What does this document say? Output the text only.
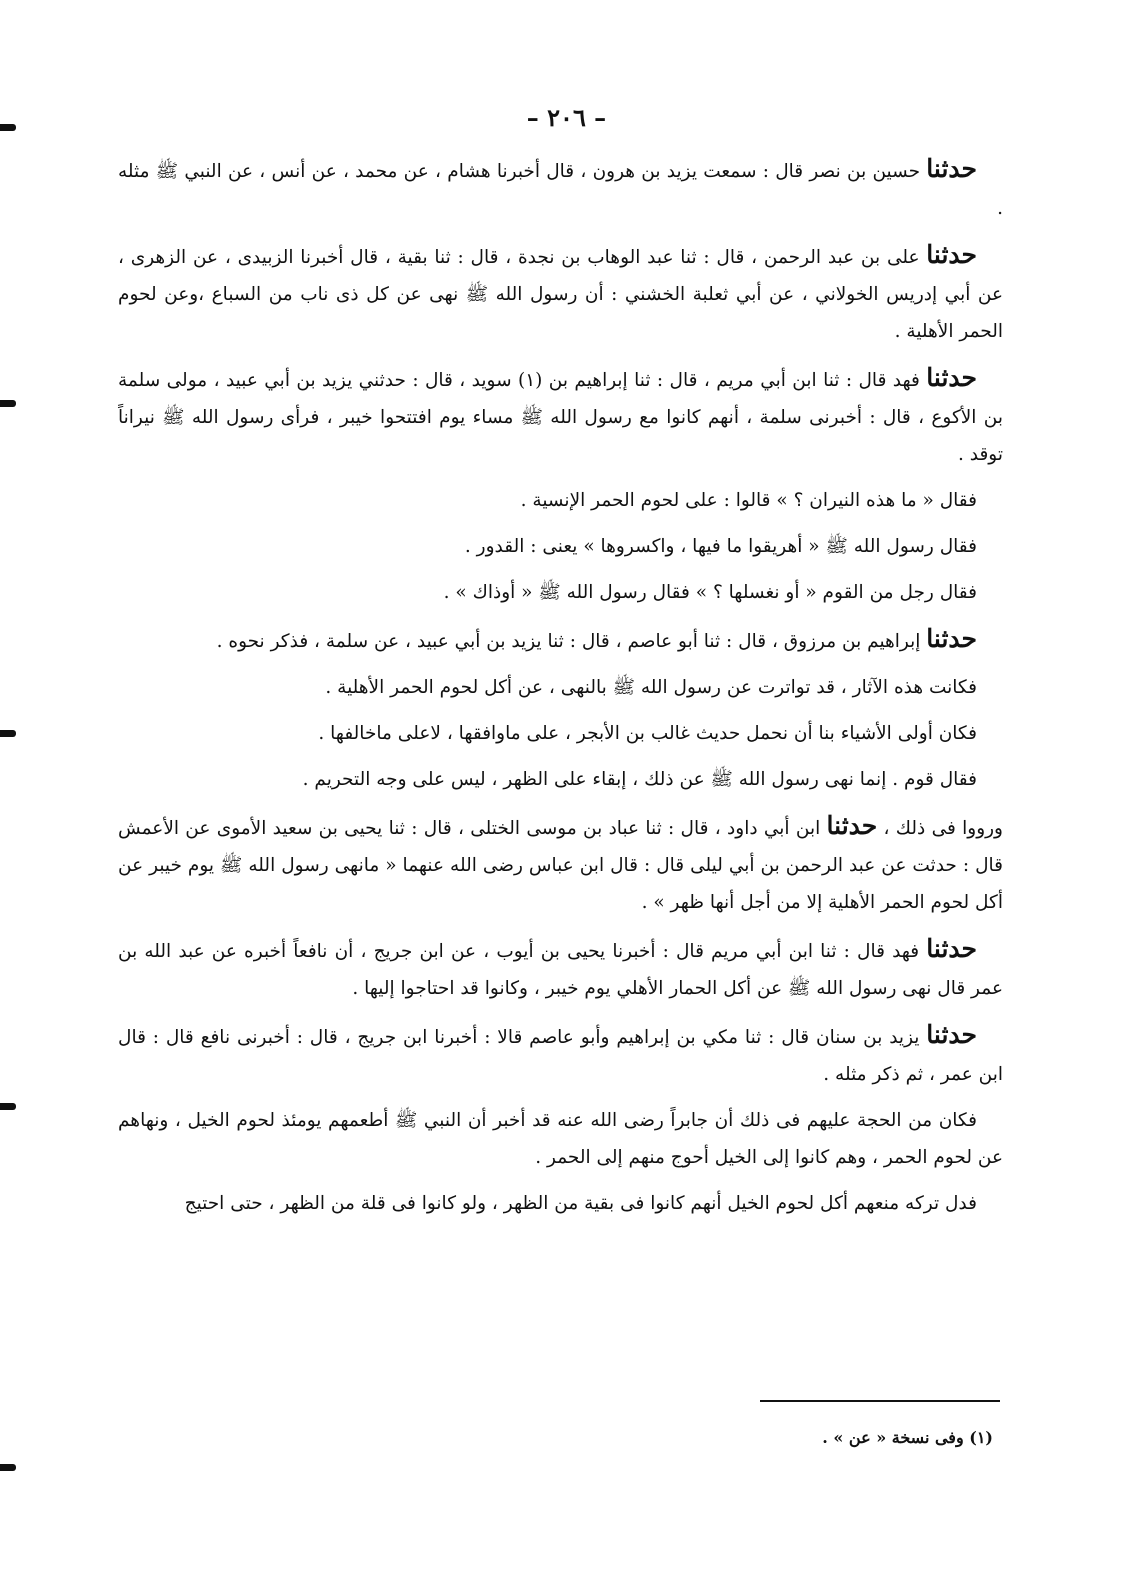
– ٢٠٦ –

حدثنا حسين بن نصر قال : سمعت يزيد بن هرون ، قال أخبرنا هشام ، عن محمد ، عن أنس ، عن النبي ﷺ مثله .

حدثنا على بن عبد الرحمن ، قال : ثنا عبد الوهاب بن نجدة ، قال : ثنا بقية ، قال أخبرنا الزبيدى ، عن الزهرى ، عن أبي إدريس الخولاني ، عن أبي ثعلبة الخشني : أن رسول الله ﷺ نهى عن كل ذى ناب من السباع ،وعن لحوم الحمر الأهلية .

حدثنا فهد قال : ثنا ابن أبي مريم ، قال : ثنا إبراهيم بن (١) سويد ، قال : حدثني يزيد بن أبي عبيد ، مولى سلمة بن الأكوع ، قال : أخبرنى سلمة ، أنهم كانوا مع رسول الله ﷺ مساء يوم افتتحوا خيبر ، فرأى رسول الله ﷺ نيراناً توقد .

فقال « ما هذه النيران ؟ » قالوا : على لحوم الحمر الإنسية .

فقال رسول الله ﷺ « أهريقوا ما فيها ، واكسروها » يعنى : القدور .

فقال رجل من القوم « أو نغسلها ؟ » فقال رسول الله ﷺ « أوذاك » .

حدثنا إبراهيم بن مرزوق ، قال : ثنا أبو عاصم ، قال : ثنا يزيد بن أبي عبيد ، عن سلمة ، فذكر نحوه .

فكانت هذه الآثار ، قد تواترت عن رسول الله ﷺ بالنهى ، عن أكل لحوم الحمر الأهلية .

فكان أولى الأشياء بنا أن نحمل حديث غالب بن الأبجر ، على ماوافقها ، لاعلى ماخالفها .

فقال قوم . إنما نهى رسول الله ﷺ عن ذلك ، إبقاء على الظهر ، ليس على وجه التحريم .

ورووا فى ذلك ، حدثنا ابن أبي داود ، قال : ثنا عباد بن موسى الختلى ، قال : ثنا يحيى بن سعيد الأموى عن الأعمش قال : حدثت عن عبد الرحمن بن أبي ليلى قال : قال ابن عباس رضى الله عنهما « مانهى رسول الله ﷺ يوم خيبر عن أكل لحوم الحمر الأهلية إلا من أجل أنها ظهر » .

حدثنا فهد قال : ثنا ابن أبي مريم قال : أخبرنا يحيى بن أيوب ، عن ابن جريج ، أن نافعاً أخبره عن عبد الله بن عمر قال نهى رسول الله ﷺ عن أكل الحمار الأهلي يوم خيبر ، وكانوا قد احتاجوا إليها .

حدثنا يزيد بن سنان قال : ثنا مكي بن إبراهيم وأبو عاصم قالا : أخبرنا ابن جريج ، قال : أخبرنى نافع قال : قال ابن عمر ، ثم ذكر مثله .

فكان من الحجة عليهم فى ذلك أن جابراً رضى الله عنه قد أخبر أن النبي ﷺ أطعمهم يومئذ لحوم الخيل ، ونهاهم عن لحوم الحمر ، وهم كانوا إلى الخيل أحوج منهم إلى الحمر .

فدل تركه منعهم أكل لحوم الخيل أنهم كانوا فى بقية من الظهر ، ولو كانوا فى قلة من الظهر ، حتى احتيج

(١) وفى نسخة « عن » .
